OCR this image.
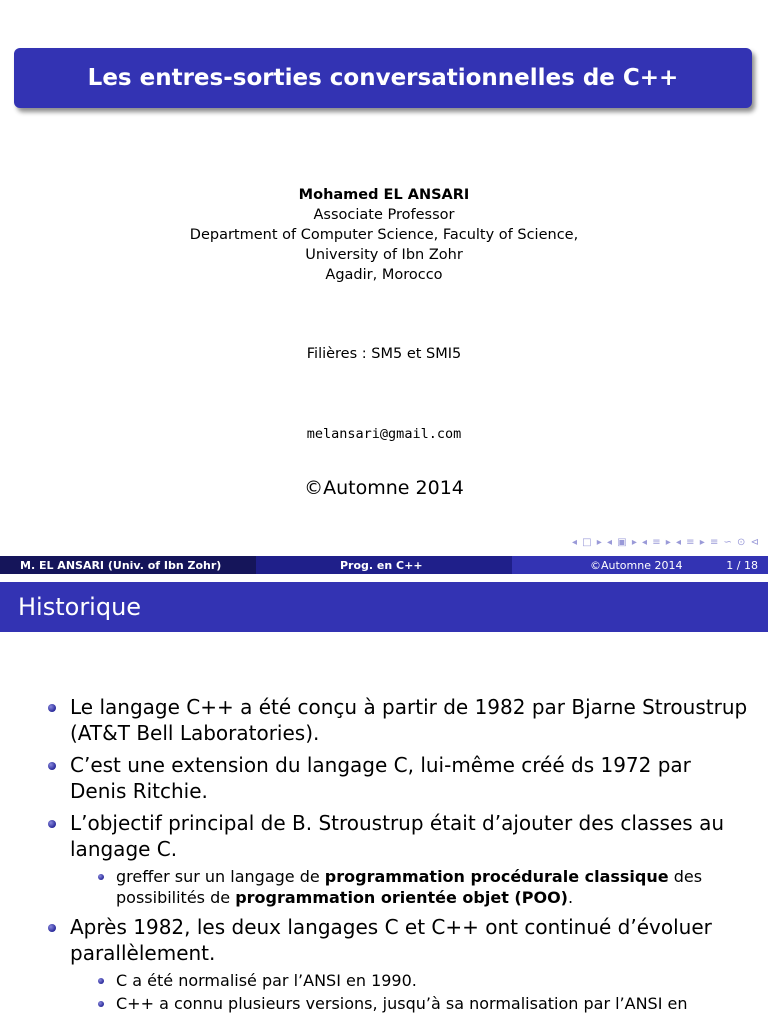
Les entres-sorties conversationnelles de C++
Mohamed EL ANSARI
Associate Professor
Department of Computer Science, Faculty of Science,
University of Ibn Zohr
Agadir, Morocco
Filières : SM5 et SMI5
melansari@gmail.com
©Automne 2014
◂ □ ▸ ◂ ▣ ▸ ◂ ≡ ▸ ◂ ≡ ▸ ≡ ∽ ⊙ ⊲
M. EL ANSARI (Univ. of Ibn Zohr)	Prog. en C++	©Automne 2014	1 / 18
Historique
Le langage C++ a été conçu à partir de 1982 par Bjarne Stroustrup (AT&T Bell Laboratories).
C’est une extension du langage C, lui-même créé ds 1972 par Denis Ritchie.
L’objectif principal de B. Stroustrup était d’ajouter des classes au langage C.
greffer sur un langage de programmation procédurale classique des possibilités de programmation orientée objet (POO).
Après 1982, les deux langages C et C++ ont continué d’évoluer parallèlement.
C a été normalisé par l’ANSI en 1990.
C++ a connu plusieurs versions, jusqu’à sa normalisation par l’ANSI en
